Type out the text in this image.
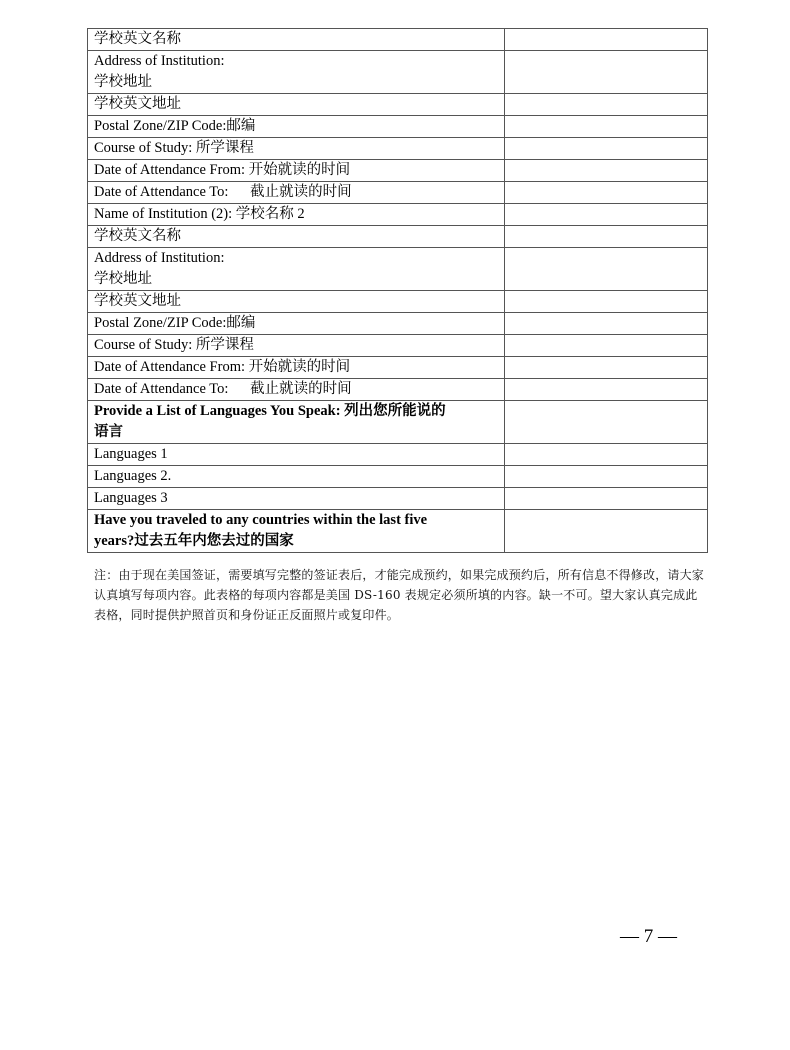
学校英文名称	
Address of Institution:
学校地址	
学校英文地址	
Postal Zone/ZIP Code:邮编	
Course of Study: 所学课程	
Date of Attendance From: 开始就读的时间	
Date of Attendance To:      截止就读的时间	
Name of Institution (2): 学校名称 2	
学校英文名称	
Address of Institution:
学校地址	
学校英文地址	
Postal Zone/ZIP Code:邮编	
Course of Study: 所学课程	
Date of Attendance From: 开始就读的时间	
Date of Attendance To:      截止就读的时间	
Provide a List of Languages You Speak: 列出您所能说的
语言	
Languages 1	
Languages 2.	
Languages 3	
Have you traveled to any countries within the last five
years?过去五年内您去过的国家	
注：由于现在美国签证，需要填写完整的签证表后，才能完成预约，如果完成预约后，所有信息不得修改，请大家认真填写每项内容。此表格的每项内容都是美国 DS-160 表规定必须所填的内容。缺一不可。望大家认真完成此表格，同时提供护照首页和身份证正反面照片或复印件。
— 7 —
